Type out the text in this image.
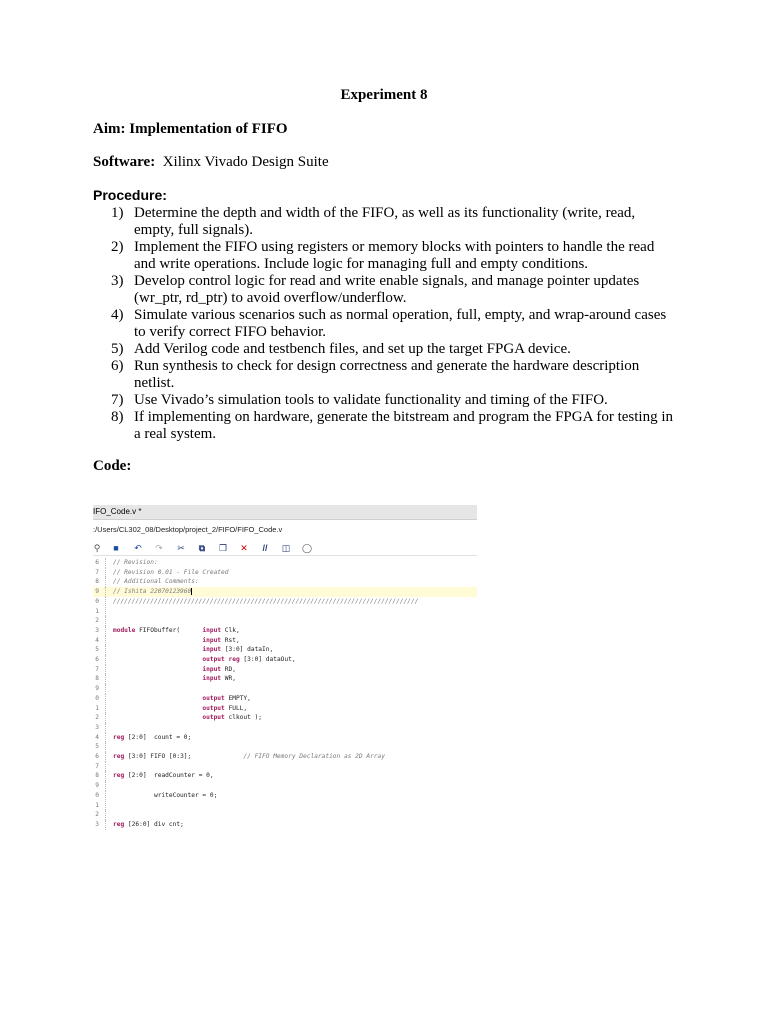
Experiment 8
Aim: Implementation of FIFO
Software: Xilinx Vivado Design Suite
Procedure:
1) Determine the depth and width of the FIFO, as well as its functionality (write, read, empty, full signals).
2) Implement the FIFO using registers or memory blocks with pointers to handle the read and write operations. Include logic for managing full and empty conditions.
3) Develop control logic for read and write enable signals, and manage pointer updates (wr_ptr, rd_ptr) to avoid overflow/underflow.
4) Simulate various scenarios such as normal operation, full, empty, and wrap-around cases to verify correct FIFO behavior.
5) Add Verilog code and testbench files, and set up the target FPGA device.
6) Run synthesis to check for design correctness and generate the hardware description netlist.
7) Use Vivado’s simulation tools to validate functionality and timing of the FIFO.
8) If implementing on hardware, generate the bitstream and program the FPGA for testing in a real system.
Code:
IFO_Code.v *
:/Users/CL302_08/Desktop/project_2/FIFO/FIFO_Code.v
⚲	■	↶ ↷ ✂	⧉	❐ ✕	//	◫ ◯
6 // Revision:
7 // Revision 0.01 - File Created
8 // Additional Comments:
9 // Ishita 22070123960
0 //////////////////////////////////////////////////////////////////////////////////
1
2
3 module FIFObuffer(      input Clk,
4	input Rst,
5	input [3:0] dataIn,
6	output reg [3:0] dataOut,
7	input RD,
8	input WR,
9
0	output EMPTY,
1	output FULL,
2	output clkout );
3
4 reg [2:0]  count = 0;
5
6 reg [3:0] FIFO [0:3];              // FIFO Memory Declaration as 2D Array
7
8 reg [2:0]  readCounter = 0,
9
0 writeCounter = 0;
1
2
3 reg [26:0] div cnt;
